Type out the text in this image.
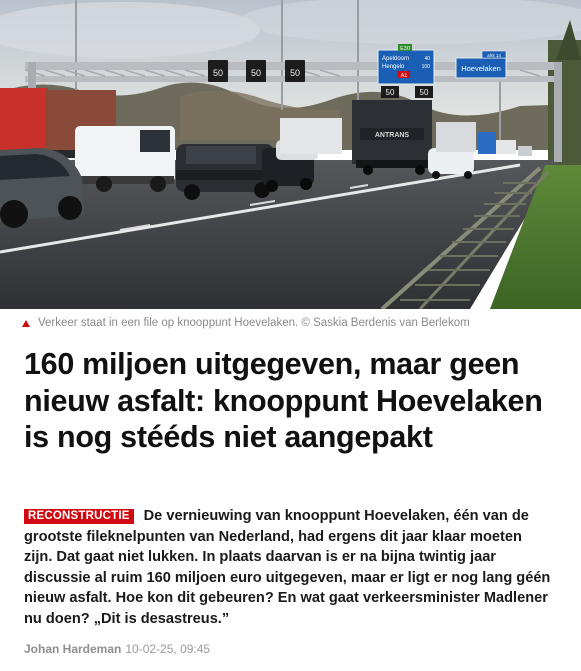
50	50	50
E30
Apeldoorn	40
Hengelo	100
A1
50	50
afrit 14
Hoevelaken
ANTRANS
Verkeer staat in een file op knooppunt Hoevelaken. © Saskia Berdenis van Berlekom
160 miljoen uitgegeven, maar geen nieuw asfalt: knooppunt Hoevelaken is nog stééds niet aangepakt

RECONSTRUCTIE De vernieuwing van knooppunt Hoevelaken, één van de grootste fileknelpunten van Nederland, had ergens dit jaar klaar moeten zijn. Dat gaat niet lukken. In plaats daarvan is er na bijna twintig jaar discussie al ruim 160 miljoen euro uitgegeven, maar er ligt er nog lang géén nieuw asfalt. Hoe kon dit gebeuren? En wat gaat verkeersminister Madlener nu doen? „Dit is desastreus.”

Johan Hardeman 10-02-25, 09:45
